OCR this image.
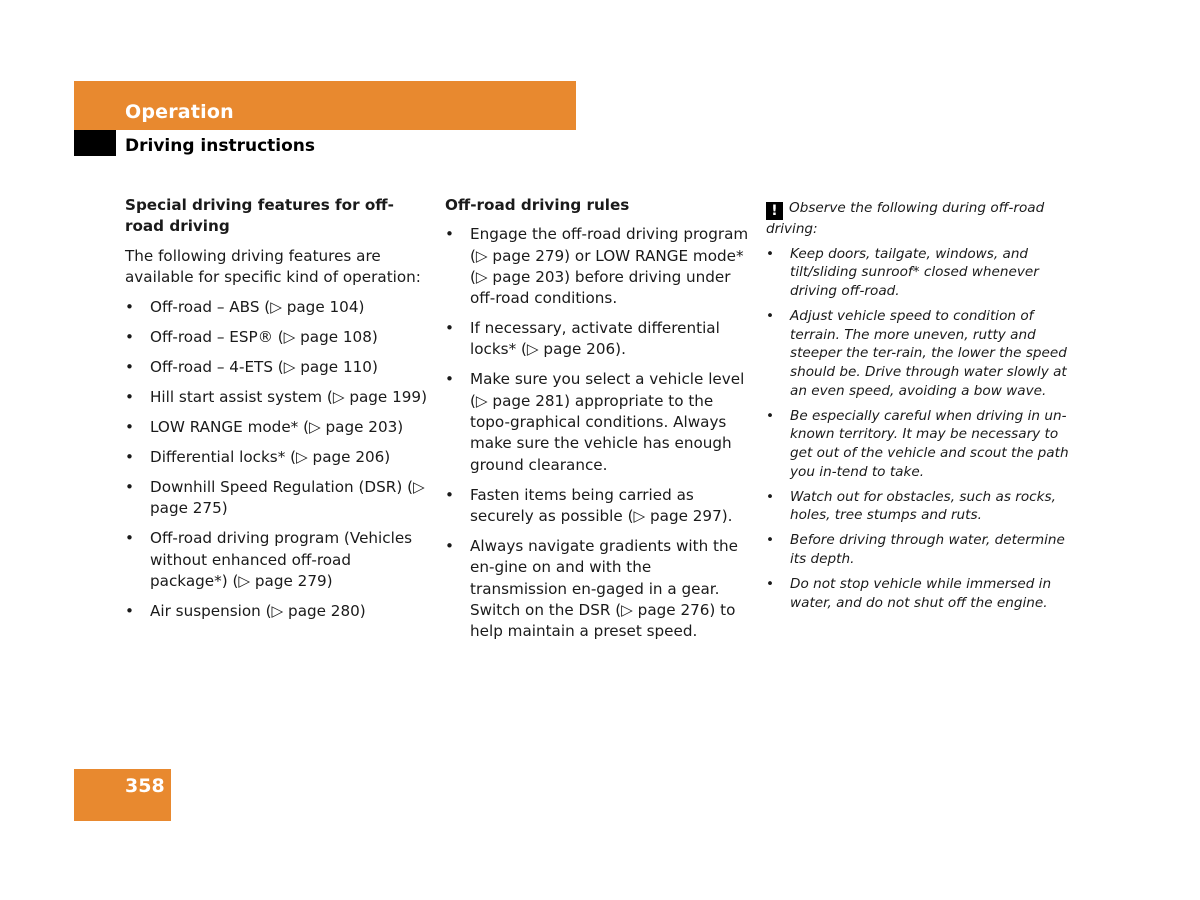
Operation
Driving instructions
Special driving features for off-road driving
The following driving features are available for specific kind of operation:
• Off-road – ABS (▷ page 104)
• Off-road – ESP® (▷ page 108)
• Off-road – 4-ETS (▷ page 110)
• Hill start assist system (▷ page 199)
• LOW RANGE mode* (▷ page 203)
• Differential locks* (▷ page 206)
• Downhill Speed Regulation (DSR) (▷ page 275)
• Off-road driving program (Vehicles without enhanced off-road package*) (▷ page 279)
• Air suspension (▷ page 280)
Off-road driving rules
• Engage the off-road driving program (▷ page 279) or LOW RANGE mode* (▷ page 203) before driving under off-road conditions.
• If necessary, activate differential locks* (▷ page 206).
• Make sure you select a vehicle level (▷ page 281) appropriate to the topo-graphical conditions. Always make sure the vehicle has enough ground clearance.
• Fasten items being carried as securely as possible (▷ page 297).
• Always navigate gradients with the en-gine on and with the transmission en-gaged in a gear. Switch on the DSR (▷ page 276) to help maintain a preset speed.
! Observe the following during off-road driving:
• Keep doors, tailgate, windows, and tilt/sliding sunroof* closed whenever driving off-road.
• Adjust vehicle speed to condition of terrain. The more uneven, rutty and steeper the ter-rain, the lower the speed should be. Drive through water slowly at an even speed, avoiding a bow wave.
• Be especially careful when driving in un-known territory. It may be necessary to get out of the vehicle and scout the path you in-tend to take.
• Watch out for obstacles, such as rocks, holes, tree stumps and ruts.
• Before driving through water, determine its depth.
• Do not stop vehicle while immersed in water, and do not shut off the engine.
358
